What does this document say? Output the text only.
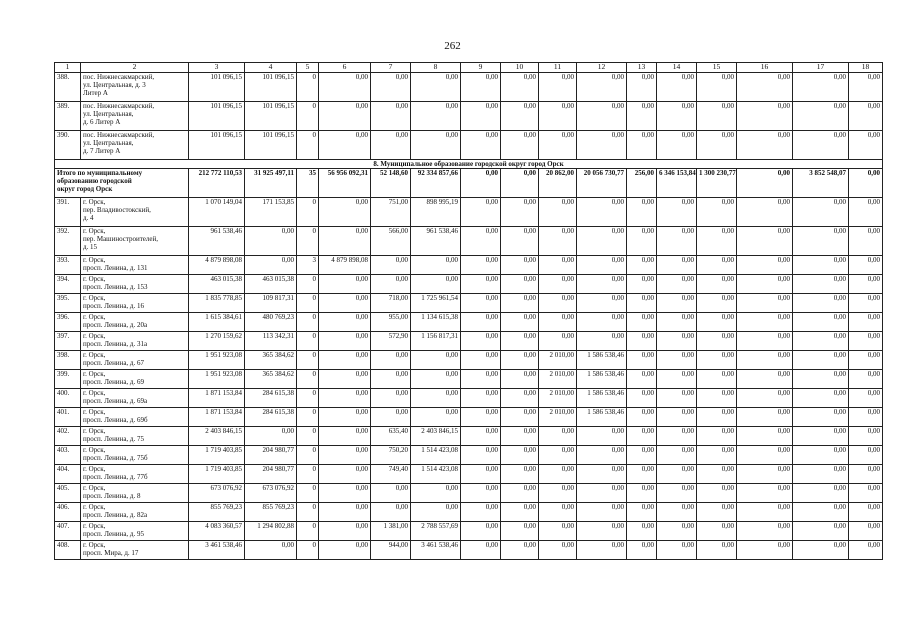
262
1	2	3	4	5	6	7	8	9	10	11	12	13	14	15	16	17	18
388.	пос. Нижнесакмарский,
ул. Центральная, д. 3
Литер А	101 096,15	101 096,15	0	0,00	0,00	0,00	0,00	0,00	0,00	0,00	0,00	0,00	0,00	0,00	0,00	0,00
389.	пос. Нижнесакмарский,
ул. Центральная,
д. 6 Литер А	101 096,15	101 096,15	0	0,00	0,00	0,00	0,00	0,00	0,00	0,00	0,00	0,00	0,00	0,00	0,00	0,00
390.	пос. Нижнесакмарский,
ул. Центральная,
д. 7 Литер А	101 096,15	101 096,15	0	0,00	0,00	0,00	0,00	0,00	0,00	0,00	0,00	0,00	0,00	0,00	0,00	0,00
8. Муниципальное образование городской округ город Орск																	

Итого по муниципальному
образованию городской
округ город Орск		212 772 110,53	31 925 497,11	35	56 956 092,31	52 148,60	92 334 857,66	0,00	0,00	20 862,00	20 056 730,77	256,00	6 346 153,84	1 300 230,77	0,00	3 852 548,07	0,00
391.	г. Орск,
пер. Владивостокский,
д. 4	1 070 149,04	171 153,85	0	0,00	751,00	898 995,19	0,00	0,00	0,00	0,00	0,00	0,00	0,00	0,00	0,00	0,00
392.	г. Орск,
пер. Машиностроителей,
д. 15	961 538,46	0,00	0	0,00	566,00	961 538,46	0,00	0,00	0,00	0,00	0,00	0,00	0,00	0,00	0,00	0,00
393.	г. Орск,
просп. Ленина, д. 131	4 879 898,08	0,00	3	4 879 898,08	0,00	0,00	0,00	0,00	0,00	0,00	0,00	0,00	0,00	0,00	0,00	0,00
394.	г. Орск,
просп. Ленина, д. 153	463 015,38	463 015,38	0	0,00	0,00	0,00	0,00	0,00	0,00	0,00	0,00	0,00	0,00	0,00	0,00	0,00
395.	г. Орск,
просп. Ленина, д. 16	1 835 778,85	109 817,31	0	0,00	718,00	1 725 961,54	0,00	0,00	0,00	0,00	0,00	0,00	0,00	0,00	0,00	0,00
396.	г. Орск,
просп. Ленина, д. 20а	1 615 384,61	480 769,23	0	0,00	955,00	1 134 615,38	0,00	0,00	0,00	0,00	0,00	0,00	0,00	0,00	0,00	0,00
397.	г. Орск,
просп. Ленина, д. 31а	1 270 159,62	113 342,31	0	0,00	572,90	1 156 817,31	0,00	0,00	0,00	0,00	0,00	0,00	0,00	0,00	0,00	0,00
398.	г. Орск,
просп. Ленина, д. 67	1 951 923,08	365 384,62	0	0,00	0,00	0,00	0,00	0,00	2 010,00	1 586 538,46	0,00	0,00	0,00	0,00	0,00	0,00
399.	г. Орск,
просп. Ленина, д. 69	1 951 923,08	365 384,62	0	0,00	0,00	0,00	0,00	0,00	2 010,00	1 586 538,46	0,00	0,00	0,00	0,00	0,00	0,00
400.	г. Орск,
просп. Ленина, д. 69а	1 871 153,84	284 615,38	0	0,00	0,00	0,00	0,00	0,00	2 010,00	1 586 538,46	0,00	0,00	0,00	0,00	0,00	0,00
401.	г. Орск,
просп. Ленина, д. 69б	1 871 153,84	284 615,38	0	0,00	0,00	0,00	0,00	0,00	2 010,00	1 586 538,46	0,00	0,00	0,00	0,00	0,00	0,00
402.	г. Орск,
просп. Ленина, д. 75	2 403 846,15	0,00	0	0,00	635,40	2 403 846,15	0,00	0,00	0,00	0,00	0,00	0,00	0,00	0,00	0,00	0,00
403.	г. Орск,
просп. Ленина, д. 75б	1 719 403,85	204 980,77	0	0,00	750,20	1 514 423,08	0,00	0,00	0,00	0,00	0,00	0,00	0,00	0,00	0,00	0,00
404.	г. Орск,
просп. Ленина, д. 77б	1 719 403,85	204 980,77	0	0,00	749,40	1 514 423,08	0,00	0,00	0,00	0,00	0,00	0,00	0,00	0,00	0,00	0,00
405.	г. Орск,
просп. Ленина, д. 8	673 076,92	673 076,92	0	0,00	0,00	0,00	0,00	0,00	0,00	0,00	0,00	0,00	0,00	0,00	0,00	0,00
406.	г. Орск,
просп. Ленина, д. 82а	855 769,23	855 769,23	0	0,00	0,00	0,00	0,00	0,00	0,00	0,00	0,00	0,00	0,00	0,00	0,00	0,00
407.	г. Орск,
просп. Ленина, д. 95	4 083 360,57	1 294 802,88	0	0,00	1 381,00	2 788 557,69	0,00	0,00	0,00	0,00	0,00	0,00	0,00	0,00	0,00	0,00
408.	г. Орск,
просп. Мира, д. 17	3 461 538,46	0,00	0	0,00	944,00	3 461 538,46	0,00	0,00	0,00	0,00	0,00	0,00	0,00	0,00	0,00	0,00
